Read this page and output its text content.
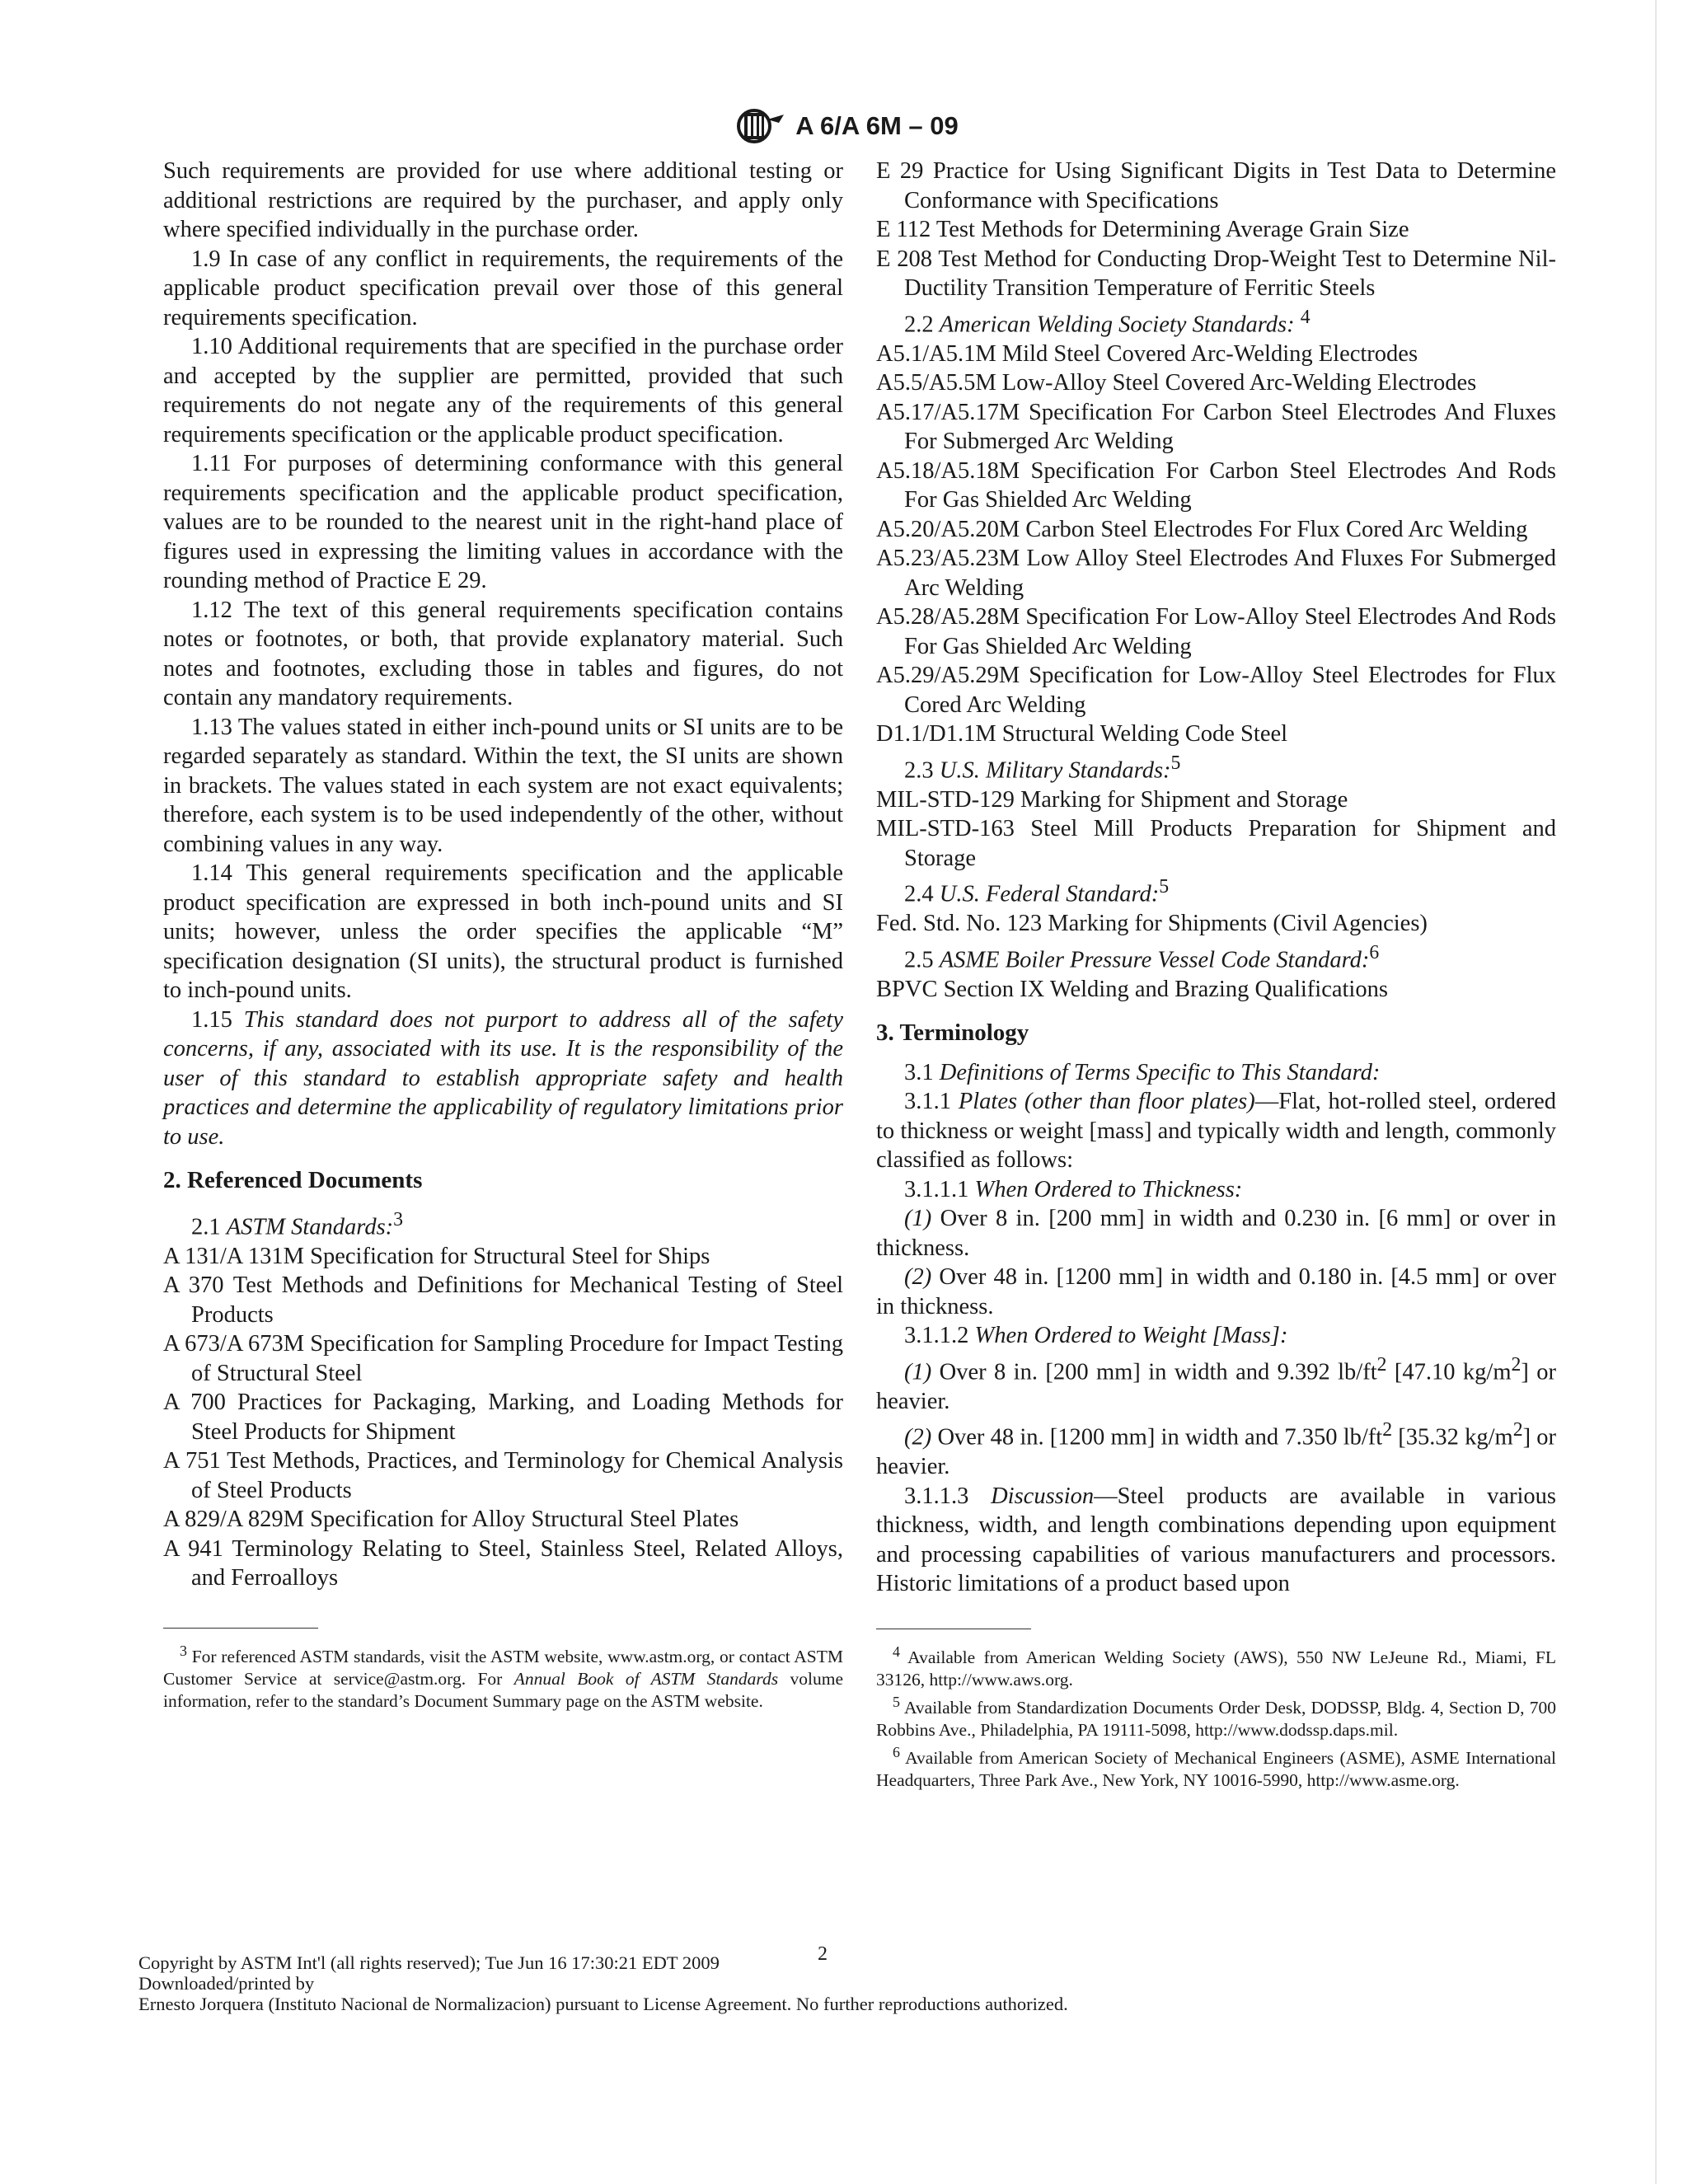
A 6/A 6M – 09

Such requirements are provided for use where additional testing or additional restrictions are required by the purchaser, and apply only where specified individually in the purchase order.

1.9 In case of any conflict in requirements, the requirements of the applicable product specification prevail over those of this general requirements specification.

1.10 Additional requirements that are specified in the purchase order and accepted by the supplier are permitted, provided that such requirements do not negate any of the requirements of this general requirements specification or the applicable product specification.

1.11 For purposes of determining conformance with this general requirements specification and the applicable product specification, values are to be rounded to the nearest unit in the right-hand place of figures used in expressing the limiting values in accordance with the rounding method of Practice E 29.

1.12 The text of this general requirements specification contains notes or footnotes, or both, that provide explanatory material. Such notes and footnotes, excluding those in tables and figures, do not contain any mandatory requirements.

1.13 The values stated in either inch-pound units or SI units are to be regarded separately as standard. Within the text, the SI units are shown in brackets. The values stated in each system are not exact equivalents; therefore, each system is to be used independently of the other, without combining values in any way.

1.14 This general requirements specification and the applicable product specification are expressed in both inch-pound units and SI units; however, unless the order specifies the applicable “M” specification designation (SI units), the structural product is furnished to inch-pound units.

1.15 This standard does not purport to address all of the safety concerns, if any, associated with its use. It is the responsibility of the user of this standard to establish appropriate safety and health practices and determine the applicability of regulatory limitations prior to use.

2. Referenced Documents

2.1 ASTM Standards:$^3$

A 131/A 131M Specification for Structural Steel for Ships

A 370 Test Methods and Definitions for Mechanical Testing of Steel Products

A 673/A 673M Specification for Sampling Procedure for Impact Testing of Structural Steel

A 700 Practices for Packaging, Marking, and Loading Methods for Steel Products for Shipment

A 751 Test Methods, Practices, and Terminology for Chemical Analysis of Steel Products

A 829/A 829M Specification for Alloy Structural Steel Plates

A 941 Terminology Relating to Steel, Stainless Steel, Related Alloys, and Ferroalloys

$^3$ For referenced ASTM standards, visit the ASTM website, www.astm.org, or contact ASTM Customer Service at service@astm.org. For Annual Book of ASTM Standards volume information, refer to the standard’s Document Summary page on the ASTM website.

E 29 Practice for Using Significant Digits in Test Data to Determine Conformance with Specifications

E 112 Test Methods for Determining Average Grain Size

E 208 Test Method for Conducting Drop-Weight Test to Determine Nil-Ductility Transition Temperature of Ferritic Steels

2.2 American Welding Society Standards: $^4$

A5.1/A5.1M Mild Steel Covered Arc-Welding Electrodes

A5.5/A5.5M Low-Alloy Steel Covered Arc-Welding Electrodes

A5.17/A5.17M Specification For Carbon Steel Electrodes And Fluxes For Submerged Arc Welding

A5.18/A5.18M Specification For Carbon Steel Electrodes And Rods For Gas Shielded Arc Welding

A5.20/A5.20M Carbon Steel Electrodes For Flux Cored Arc Welding

A5.23/A5.23M Low Alloy Steel Electrodes And Fluxes For Submerged Arc Welding

A5.28/A5.28M Specification For Low-Alloy Steel Electrodes And Rods For Gas Shielded Arc Welding

A5.29/A5.29M Specification for Low-Alloy Steel Electrodes for Flux Cored Arc Welding

D1.1/D1.1M Structural Welding Code Steel

2.3 U.S. Military Standards:$^5$

MIL-STD-129 Marking for Shipment and Storage

MIL-STD-163 Steel Mill Products Preparation for Shipment and Storage

2.4 U.S. Federal Standard:$^5$

Fed. Std. No. 123 Marking for Shipments (Civil Agencies)

2.5 ASME Boiler Pressure Vessel Code Standard:$^6$

BPVC Section IX Welding and Brazing Qualifications

3. Terminology

3.1 Definitions of Terms Specific to This Standard:

3.1.1 Plates (other than floor plates)—Flat, hot-rolled steel, ordered to thickness or weight [mass] and typically width and length, commonly classified as follows:

3.1.1.1 When Ordered to Thickness:

(1) Over 8 in. [200 mm] in width and 0.230 in. [6 mm] or over in thickness.

(2) Over 48 in. [1200 mm] in width and 0.180 in. [4.5 mm] or over in thickness.

3.1.1.2 When Ordered to Weight [Mass]:

(1) Over 8 in. [200 mm] in width and 9.392 $lb/ft^2$ [47.10 $kg/m^2$] or heavier.

(2) Over 48 in. [1200 mm] in width and 7.350 $lb/ft^2$ [35.32 $kg/m^2$] or heavier.

3.1.1.3 Discussion—Steel products are available in various thickness, width, and length combinations depending upon equipment and processing capabilities of various manufacturers and processors. Historic limitations of a product based upon

$^4$ Available from American Welding Society (AWS), 550 NW LeJeune Rd., Miami, FL 33126, http://www.aws.org.

$^5$ Available from Standardization Documents Order Desk, DODSSP, Bldg. 4, Section D, 700 Robbins Ave., Philadelphia, PA 19111-5098, http://www.dodssp.daps.mil.

$^6$ Available from American Society of Mechanical Engineers (ASME), ASME International Headquarters, Three Park Ave., New York, NY 10016-5990, http://www.asme.org.

Copyright by ASTM Int'l (all rights reserved); Tue Jun 16 17:30:21 EDT 2009
Downloaded/printed by
Ernesto Jorquera (Instituto Nacional de Normalizacion) pursuant to License Agreement. No further reproductions authorized.
2
